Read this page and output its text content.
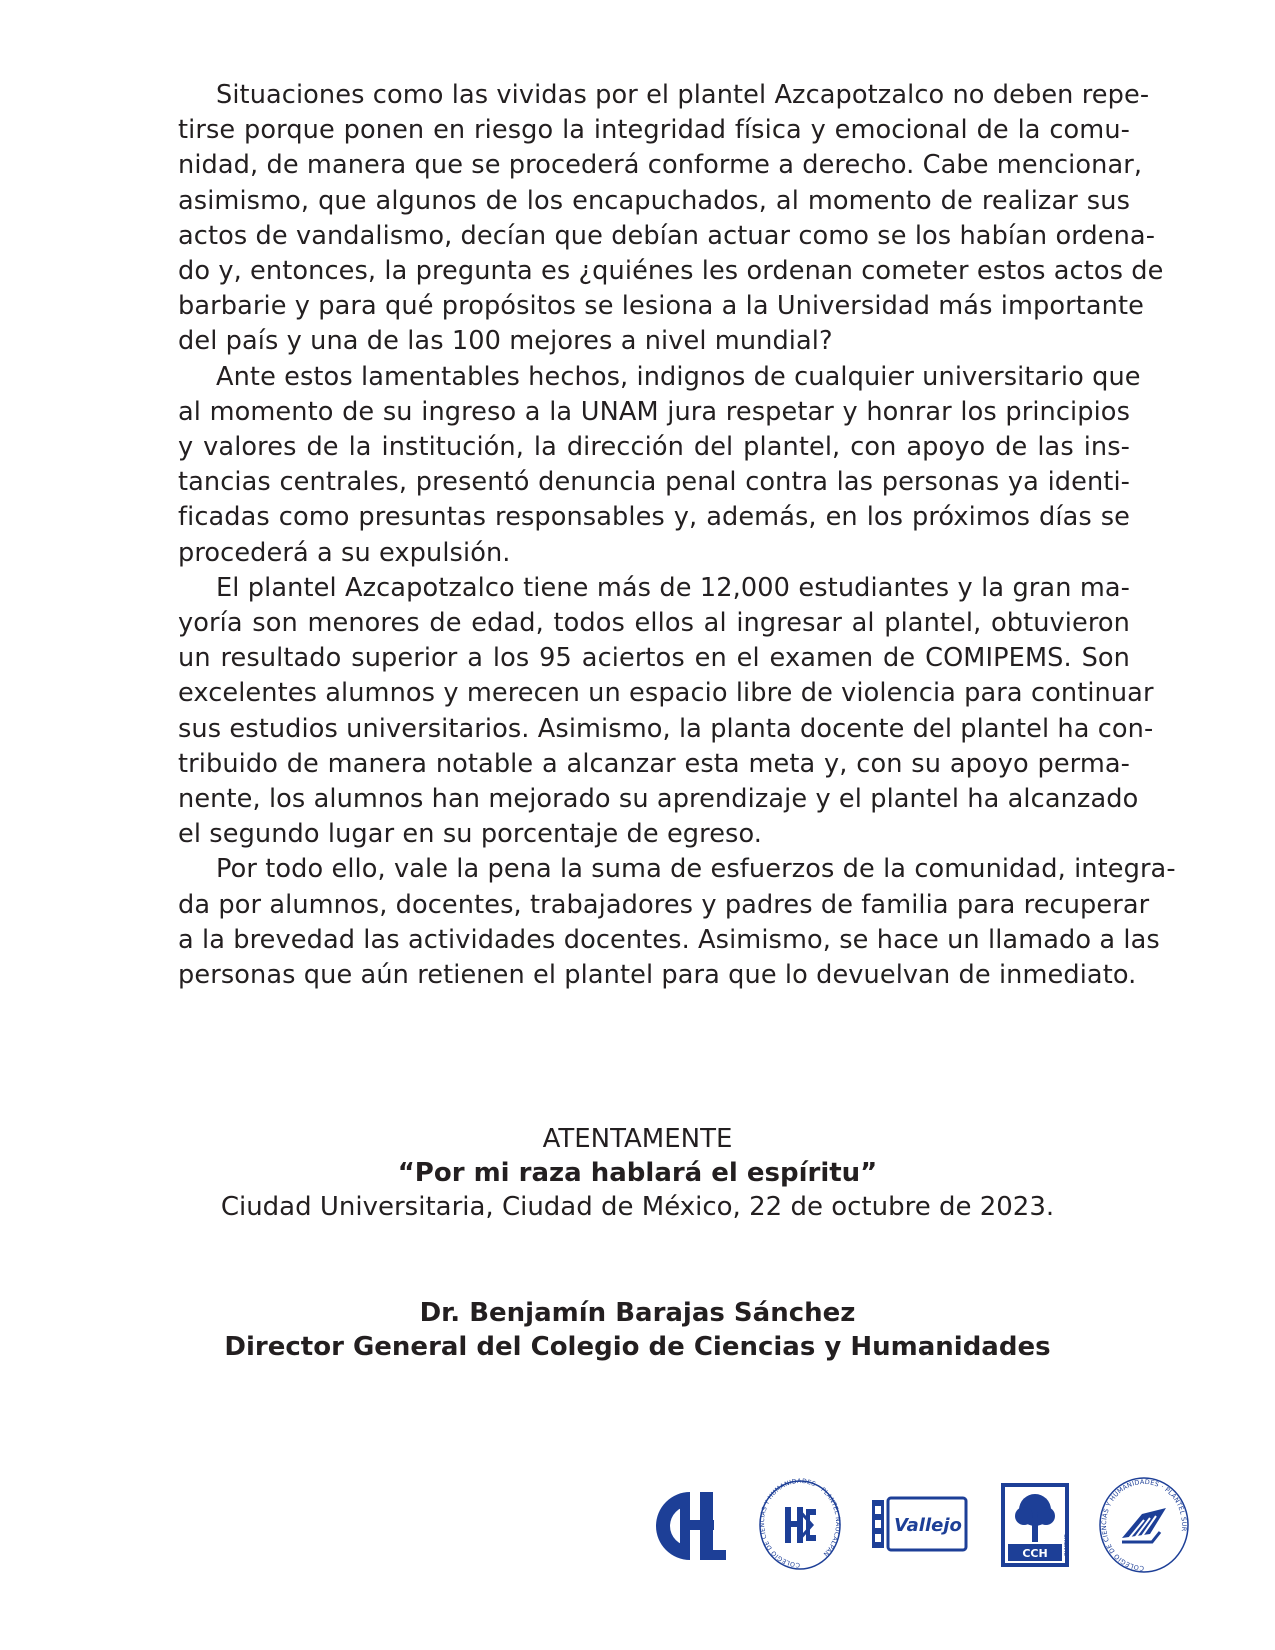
Situaciones como las vividas por el plantel Azcapotzalco no deben repe-
tirse porque ponen en riesgo la integridad física y emocional de la comu-
nidad, de manera que se procederá conforme a derecho. Cabe mencionar,
asimismo, que algunos de los encapuchados, al momento de realizar sus
actos de vandalismo, decían que debían actuar como se los habían ordena-
do y, entonces, la pregunta es ¿quiénes les ordenan cometer estos actos de
barbarie y para qué propósitos se lesiona a la Universidad más importante
del país y una de las 100 mejores a nivel mundial?

Ante estos lamentables hechos, indignos de cualquier universitario que
al momento de su ingreso a la UNAM jura respetar y honrar los principios
y valores de la institución, la dirección del plantel, con apoyo de las ins-
tancias centrales, presentó denuncia penal contra las personas ya identi-
ficadas como presuntas responsables y, además, en los próximos días se
procederá a su expulsión.

El plantel Azcapotzalco tiene más de 12,000 estudiantes y la gran ma-
yoría son menores de edad, todos ellos al ingresar al plantel, obtuvieron
un resultado superior a los 95 aciertos en el examen de COMIPEMS. Son
excelentes alumnos y merecen un espacio libre de violencia para continuar
sus estudios universitarios. Asimismo, la planta docente del plantel ha con-
tribuido de manera notable a alcanzar esta meta y, con su apoyo perma-
nente, los alumnos han mejorado su aprendizaje y el plantel ha alcanzado
el segundo lugar en su porcentaje de egreso.

Por todo ello, vale la pena la suma de esfuerzos de la comunidad, integra-
da por alumnos, docentes, trabajadores y padres de familia para recuperar
a la brevedad las actividades docentes. Asimismo, se hace un llamado a las
personas que aún retienen el plantel para que lo devuelvan de inmediato.

ATENTAMENTE
“Por mi raza hablará el espíritu”
Ciudad Universitaria, Ciudad de México, 22 de octubre de 2023.
Dr. Benjamín Barajas Sánchez
Director General del Colegio de Ciencias y Humanidades
COLEGIO DE CIENCIAS Y HUMANIDADES · PLANTEL NAUCALPAN
Vallejo
CCH	ORIENTE
COLEGIO DE CIENCIAS Y HUMANIDADES · PLANTEL SUR
